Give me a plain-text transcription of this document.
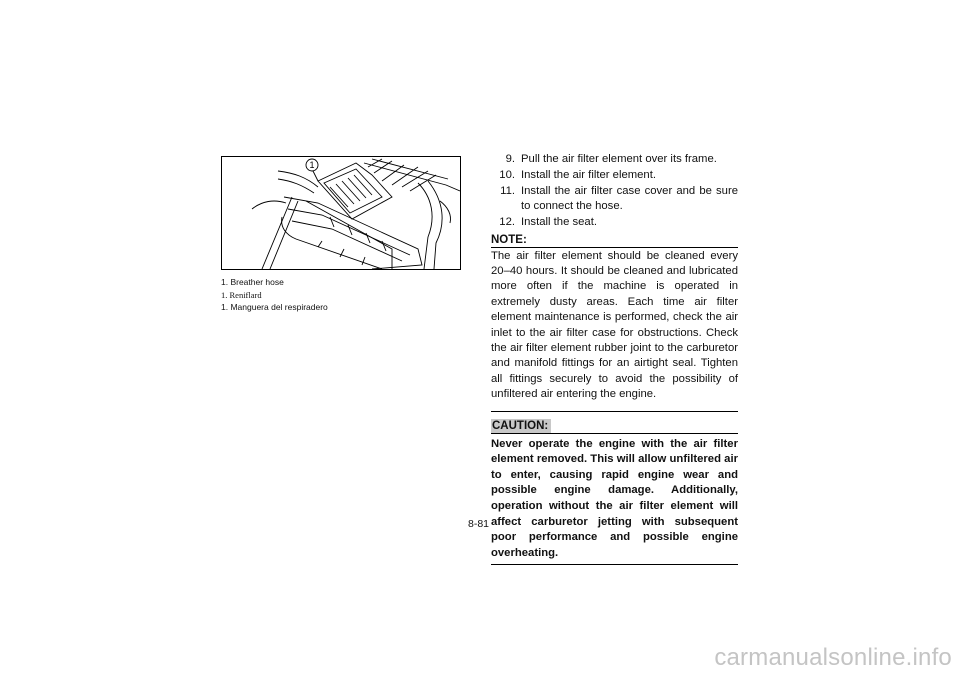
1
1. Breather hose
1. Reniflard
1. Manguera del respiradero
9. Pull the air filter element over its frame.
10. Install the air filter element.
11. Install the air filter case cover and be sure to connect the hose.
12. Install the seat.
NOTE:
The air filter element should be cleaned every 20–40 hours. It should be cleaned and lubricated more often if the machine is operated in extremely dusty areas. Each time air filter element maintenance is performed, check the air inlet to the air filter case for obstructions. Check the air filter element rubber joint to the carburetor and manifold fittings for an airtight seal. Tighten all fittings securely to avoid the possibility of unfiltered air entering the engine.
CAUTION:
Never operate the engine with the air filter element removed. This will allow unfiltered air to enter, causing rapid engine wear and possible engine damage. Additionally, operation without the air filter element will affect carburetor jetting with subsequent poor performance and possible engine overheating.
8-81
carmanualsonline.info
